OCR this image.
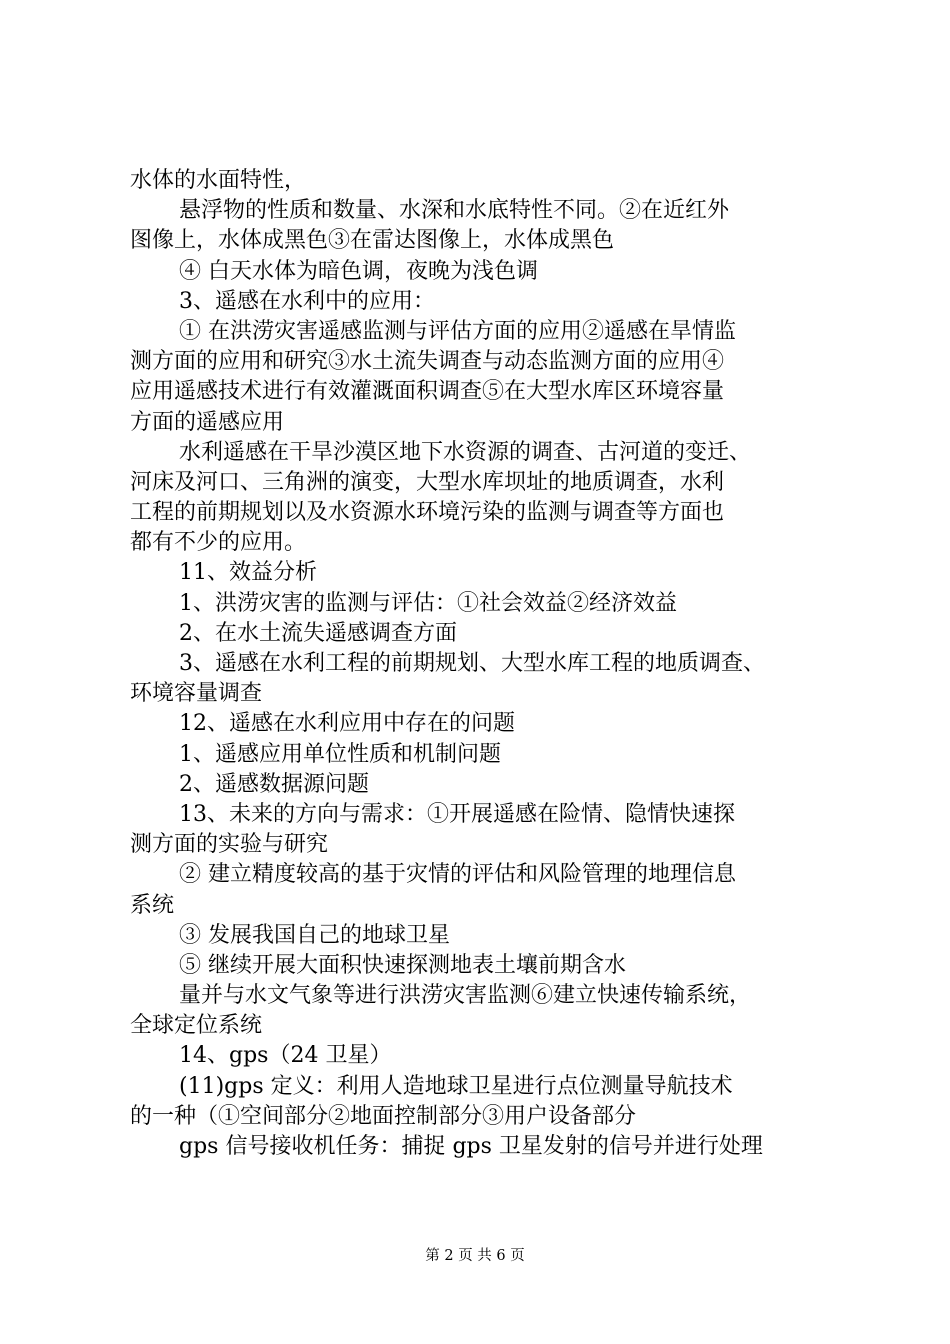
水体的水面特性，
悬浮物的性质和数量、水深和水底特性不同。②在近红外
图像上，水体成黑色③在雷达图像上，水体成黑色
④ 白天水体为暗色调，夜晚为浅色调
3、遥感在水利中的应用：
① 在洪涝灾害遥感监测与评估方面的应用②遥感在旱情监
测方面的应用和研究③水土流失调查与动态监测方面的应用④
应用遥感技术进行有效灌溉面积调查⑤在大型水库区环境容量
方面的遥感应用
水利遥感在干旱沙漠区地下水资源的调查、古河道的变迁、
河床及河口、三角洲的演变，大型水库坝址的地质调查，水利
工程的前期规划以及水资源水环境污染的监测与调查等方面也
都有不少的应用。
11、效益分析
1、洪涝灾害的监测与评估：①社会效益②经济效益
2、在水土流失遥感调查方面
3、遥感在水利工程的前期规划、大型水库工程的地质调查、
环境容量调查
12、遥感在水利应用中存在的问题
1、遥感应用单位性质和机制问题
2、遥感数据源问题
13、未来的方向与需求：①开展遥感在险情、隐情快速探
测方面的实验与研究
② 建立精度较高的基于灾情的评估和风险管理的地理信息
系统
③ 发展我国自己的地球卫星
⑤ 继续开展大面积快速探测地表土壤前期含水
量并与水文气象等进行洪涝灾害监测⑥建立快速传输系统，
全球定位系统
14、gps（24 卫星）
(11)gps 定义：利用人造地球卫星进行点位测量导航技术
的一种（①空间部分②地面控制部分③用户设备部分
gps 信号接收机任务：捕捉 gps 卫星发射的信号并进行处理
第 2 页 共 6 页
